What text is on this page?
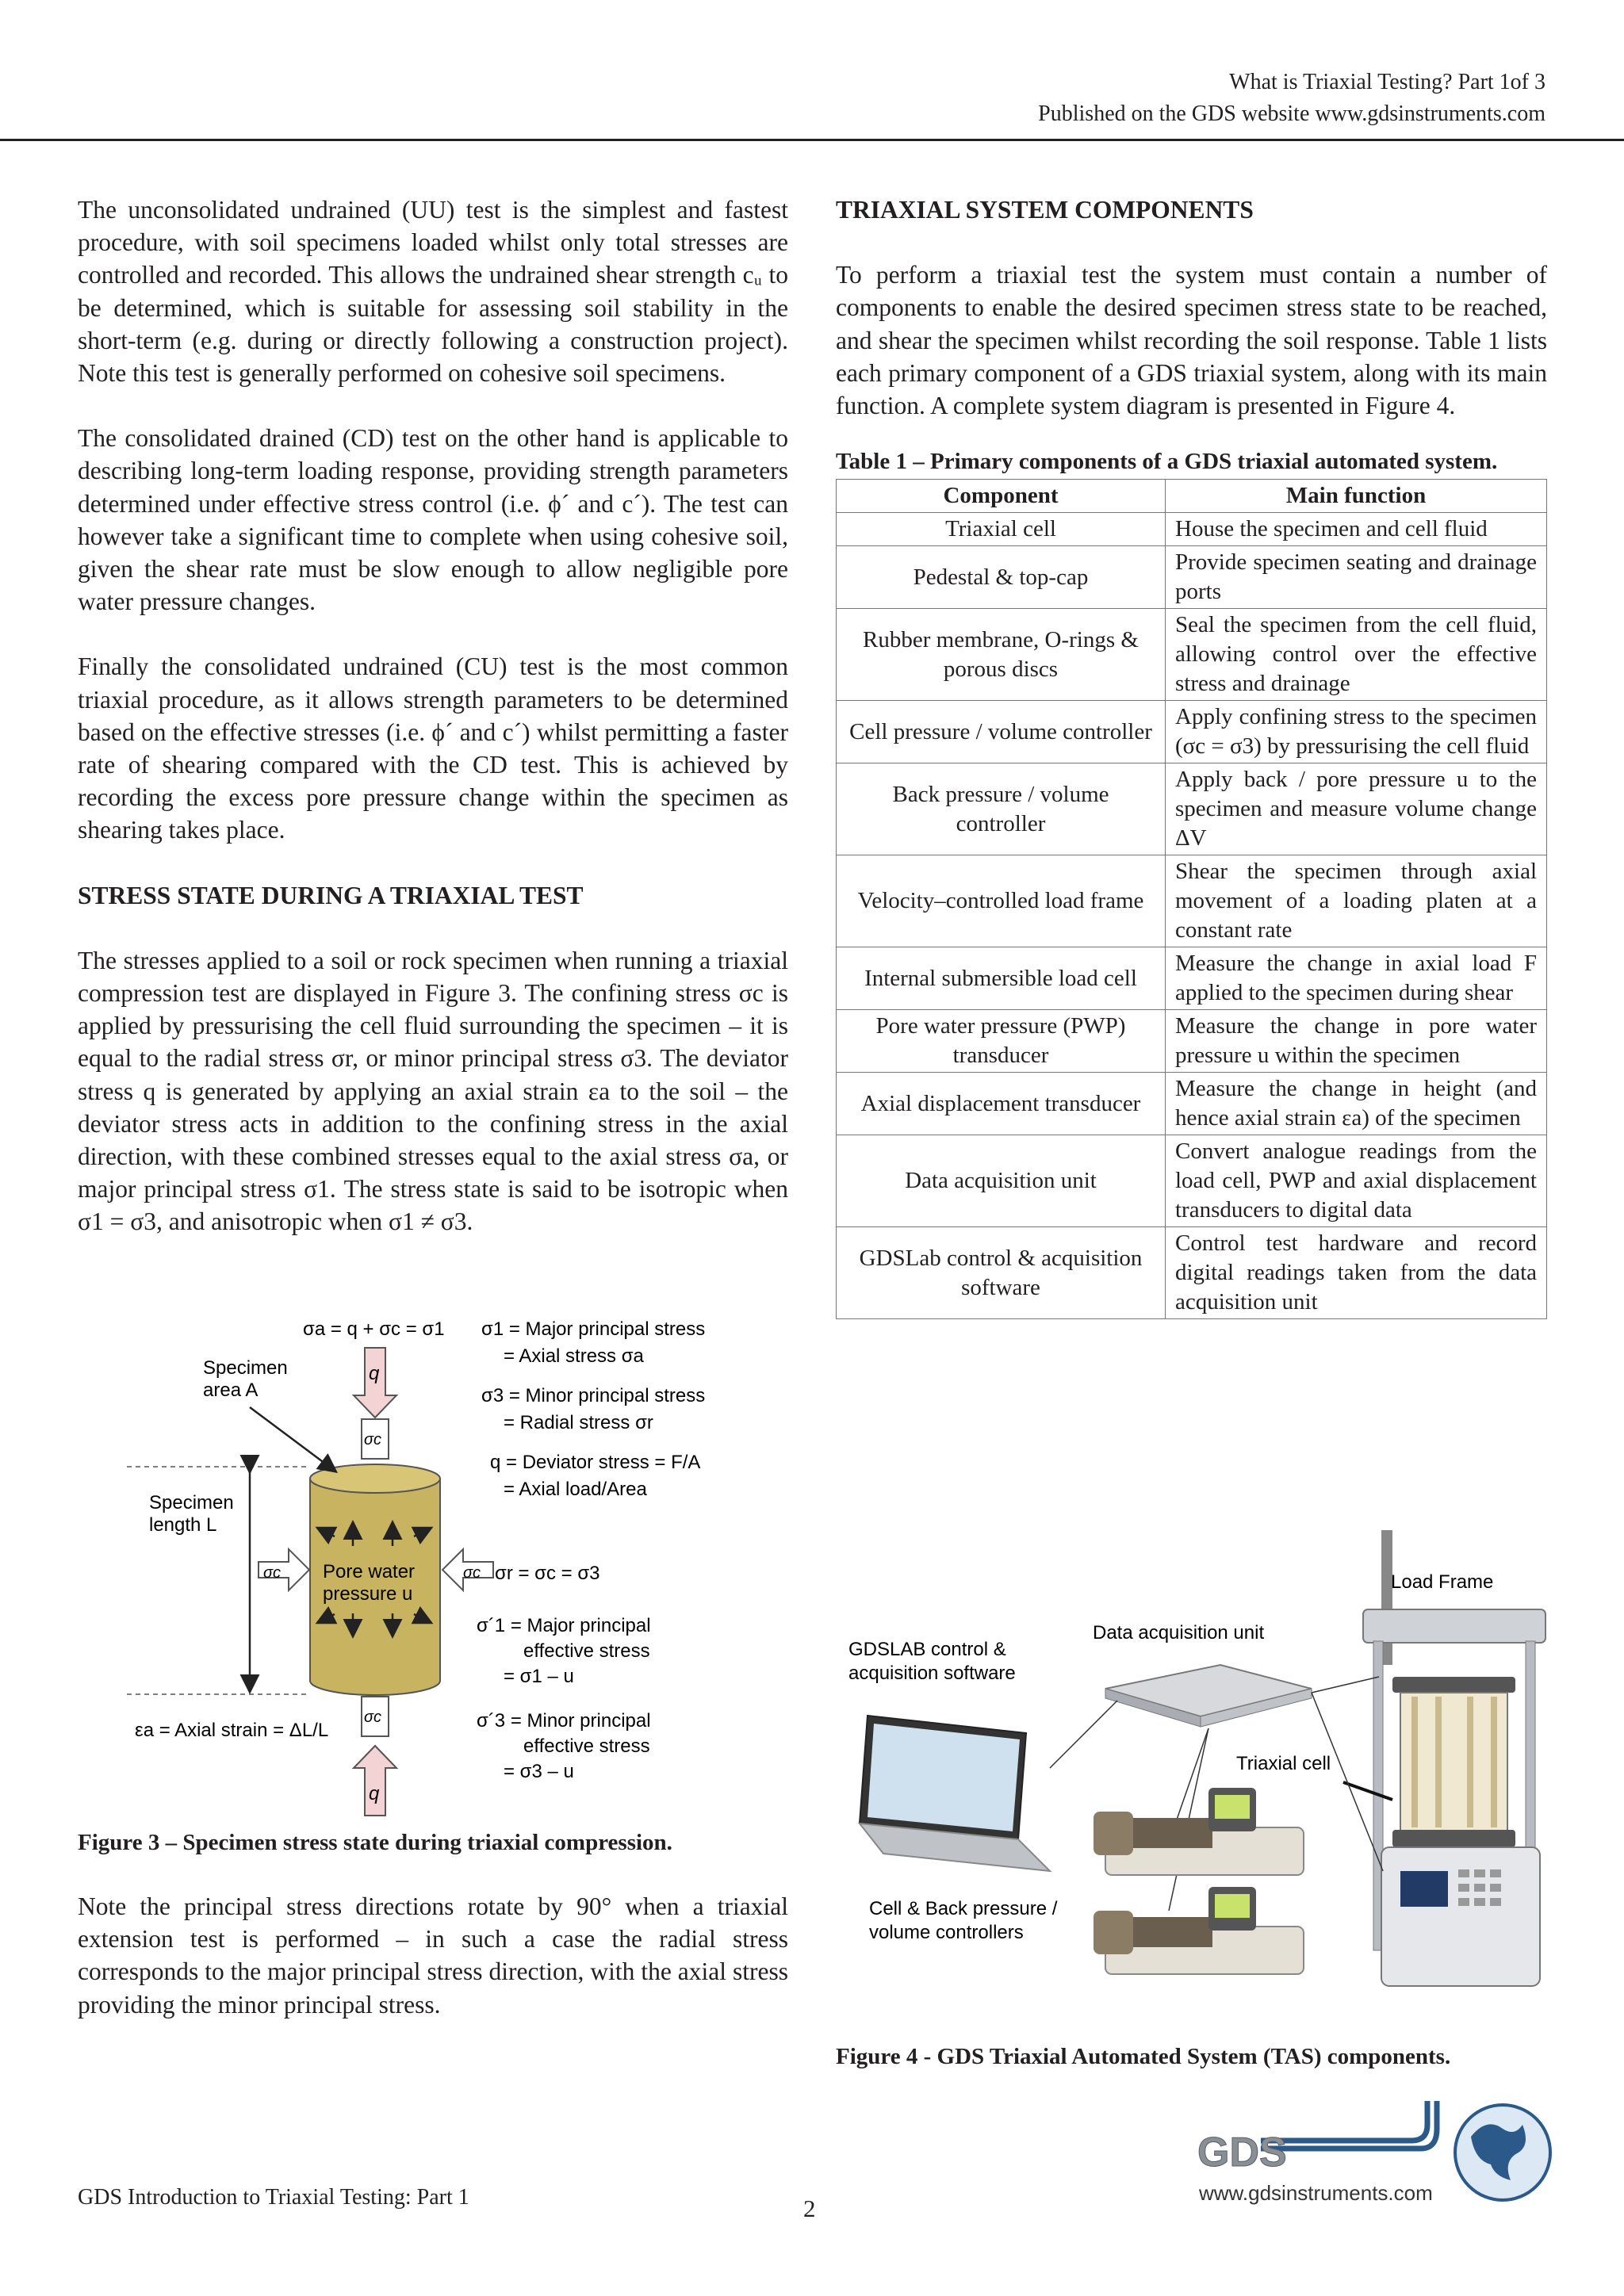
What is Triaxial Testing? Part 1of 3
Published on the GDS website www.gdsinstruments.com

The unconsolidated undrained (UU) test is the simplest and fastest procedure, with soil specimens loaded whilst only total stresses are controlled and recorded. This allows the undrained shear strength cᵤ to be determined, which is suitable for assessing soil stability in the short-term (e.g. during or directly following a construction project). Note this test is generally performed on cohesive soil specimens.

The consolidated drained (CD) test on the other hand is applicable to describing long-term loading response, providing strength parameters determined under effective stress control (i.e. ϕ´ and c´). The test can however take a significant time to complete when using cohesive soil, given the shear rate must be slow enough to allow negligible pore water pressure changes.

Finally the consolidated undrained (CU) test is the most common triaxial procedure, as it allows strength parameters to be determined based on the effective stresses (i.e. ϕ´ and c´) whilst permitting a faster rate of shearing compared with the CD test. This is achieved by recording the excess pore pressure change within the specimen as shearing takes place.

STRESS STATE DURING A TRIAXIAL TEST

The stresses applied to a soil or rock specimen when running a triaxial compression test are displayed in Figure 3. The confining stress σc is applied by pressurising the cell fluid surrounding the specimen – it is equal to the radial stress σr, or minor principal stress σ3. The deviator stress q is generated by applying an axial strain εa to the soil – the deviator stress acts in addition to the confining stress in the axial direction, with these combined stresses equal to the axial stress σa, or major principal stress σ1. The stress state is said to be isotropic when σ1 = σ3, and anisotropic when σ1 ≠ σ3.

σa = q + σc = σ1
q
σc
Specimen
area A
Specimen
length L
σc	σc
Pore water
pressure u
σc
q
εa = Axial strain = ΔL/L
σ1 = Major principal stress
= Axial stress σa
σ3 = Minor principal stress
= Radial stress σr
q = Deviator stress = F/A
= Axial load/Area
σr = σc = σ3
σ´1 = Major principal
effective stress
= σ1 – u
σ´3 = Minor principal
effective stress
= σ3 – u
Figure 3 – Specimen stress state during triaxial compression.
Note the principal stress directions rotate by 90° when a triaxial extension test is performed – in such a case the radial stress corresponds to the major principal stress direction, with the axial stress providing the minor principal stress.

TRIAXIAL SYSTEM COMPONENTS

To perform a triaxial test the system must contain a number of components to enable the desired specimen stress state to be reached, and shear the specimen whilst recording the soil response. Table 1 lists each primary component of a GDS triaxial system, along with its main function. A complete system diagram is presented in Figure 4.

Table 1 – Primary components of a GDS triaxial automated system.

Component	Main function
Triaxial cell	House the specimen and cell fluid
Pedestal & top-cap	Provide specimen seating and drainage ports
Rubber membrane, O-rings & porous discs	Seal the specimen from the cell fluid, allowing control over the effective stress and drainage
Cell pressure / volume controller	Apply confining stress to the specimen (σc = σ3) by pressurising the cell fluid
Back pressure / volume controller	Apply back / pore pressure u to the specimen and measure volume change ΔV
Velocity–controlled load frame	Shear the specimen through axial movement of a loading platen at a constant rate
Internal submersible load cell	Measure the change in axial load F applied to the specimen during shear
Pore water pressure (PWP) transducer	Measure the change in pore water pressure u within the specimen
Axial displacement transducer	Measure the change in height (and hence axial strain εa) of the specimen
Data acquisition unit	Convert analogue readings from the load cell, PWP and axial displacement transducers to digital data
GDSLab control & acquisition software	Control test hardware and record digital readings taken from the data acquisition unit
Load Frame
Data acquisition unit
GDSLAB control &
acquisition software
Triaxial cell
Cell & Back pressure /
volume controllers
Figure 4 - GDS Triaxial Automated System (TAS) components.
GDS Introduction to Triaxial Testing: Part 1	2
GDS
www.gdsinstruments.com
